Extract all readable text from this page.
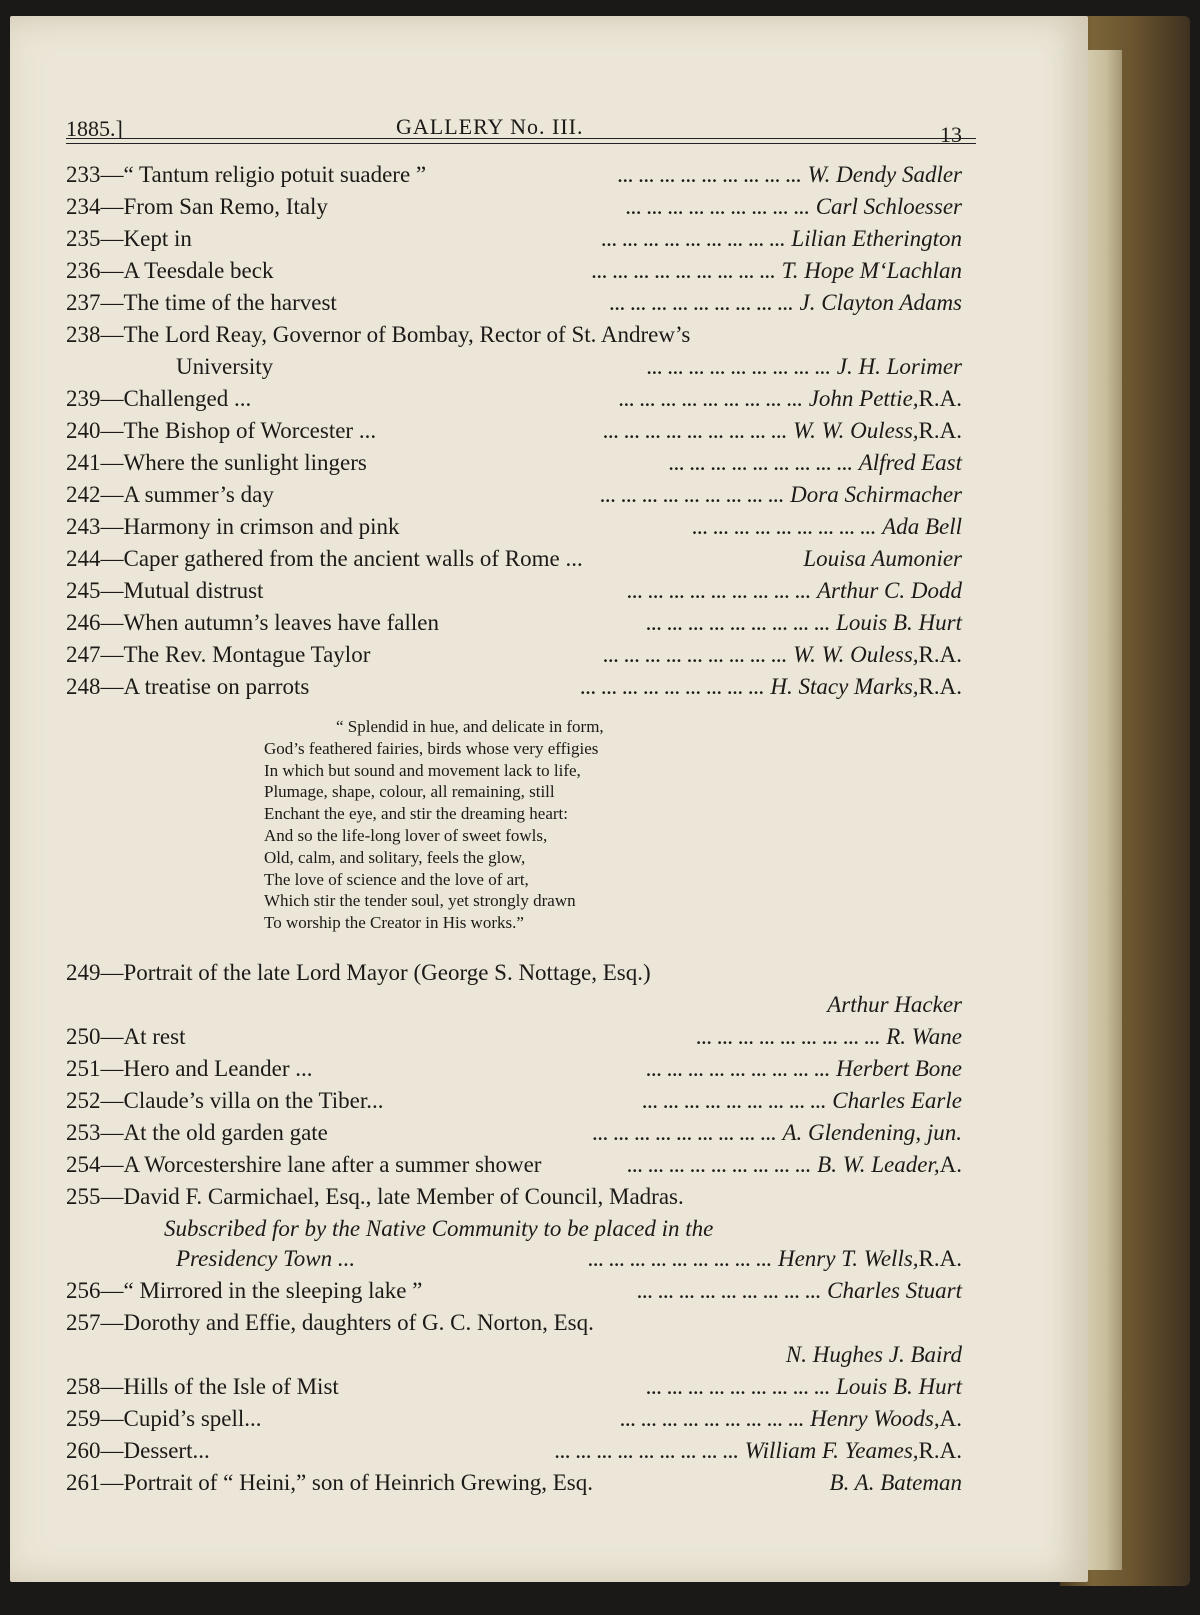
1885.]	GALLERY No. III.	13
233— “ Tantum religio potuit suadere ”	... ... ... ... ... ... ... ... ... W. Dendy Sadler
234— From San Remo, Italy	... ... ... ... ... ... ... ... ... Carl Schloesser
235— Kept in	... ... ... ... ... ... ... ... ... Lilian Etherington
236— A Teesdale beck	... ... ... ... ... ... ... ... ... T. Hope M‘Lachlan
237— The time of the harvest	... ... ... ... ... ... ... ... ... J. Clayton Adams
238— The Lord Reay, Governor of Bombay, Rector of St. Andrew’s
University	... ... ... ... ... ... ... ... ... J. H. Lorimer
239— Challenged ...	... ... ... ... ... ... ... ... ... John Pettie, R.A.
240— The Bishop of Worcester ...	... ... ... ... ... ... ... ... ... W. W. Ouless, R.A.
241— Where the sunlight lingers	... ... ... ... ... ... ... ... ... Alfred East
242— A summer’s day	... ... ... ... ... ... ... ... ... Dora Schirmacher
243— Harmony in crimson and pink	... ... ... ... ... ... ... ... ... Ada Bell
244— Caper gathered from the ancient walls of Rome ...	Louisa Aumonier
245— Mutual distrust	... ... ... ... ... ... ... ... ... Arthur C. Dodd
246— When autumn’s leaves have fallen	... ... ... ... ... ... ... ... ... Louis B. Hurt
247— The Rev. Montague Taylor	... ... ... ... ... ... ... ... ... W. W. Ouless, R.A.
248— A treatise on parrots	... ... ... ... ... ... ... ... ... H. Stacy Marks, R.A.
“ Splendid in hue, and delicate in form,
God’s feathered fairies, birds whose very effigies
In which but sound and movement lack to life,
Plumage, shape, colour, all remaining, still
Enchant the eye, and stir the dreaming heart:
And so the life-long lover of sweet fowls,
Old, calm, and solitary, feels the glow,
The love of science and the love of art,
Which stir the tender soul, yet strongly drawn
To worship the Creator in His works.”
249— Portrait of the late Lord Mayor (George S. Nottage, Esq.)
Arthur Hacker
250— At rest	... ... ... ... ... ... ... ... ... R. Wane
251— Hero and Leander ...	... ... ... ... ... ... ... ... ... Herbert Bone
252— Claude’s villa on the Tiber...	... ... ... ... ... ... ... ... ... Charles Earle
253— At the old garden gate	... ... ... ... ... ... ... ... ... A. Glendening, jun.
254— A Worcestershire lane after a summer shower	... ... ... ... ... ... ... ... ... B. W. Leader, A.
255— David F. Carmichael, Esq., late Member of Council, Madras.
Subscribed for by the Native Community to be placed in the
Presidency Town ...	... ... ... ... ... ... ... ... ... Henry T. Wells, R.A.
256— “ Mirrored in the sleeping lake ”	... ... ... ... ... ... ... ... ... Charles Stuart
257— Dorothy and Effie, daughters of G. C. Norton, Esq.
N. Hughes J. Baird
258— Hills of the Isle of Mist	... ... ... ... ... ... ... ... ... Louis B. Hurt
259— Cupid’s spell...	... ... ... ... ... ... ... ... ... Henry Woods, A.
260— Dessert...	... ... ... ... ... ... ... ... ... William F. Yeames, R.A.
261— Portrait of “ Heini,” son of Heinrich Grewing, Esq.	B. A. Bateman
